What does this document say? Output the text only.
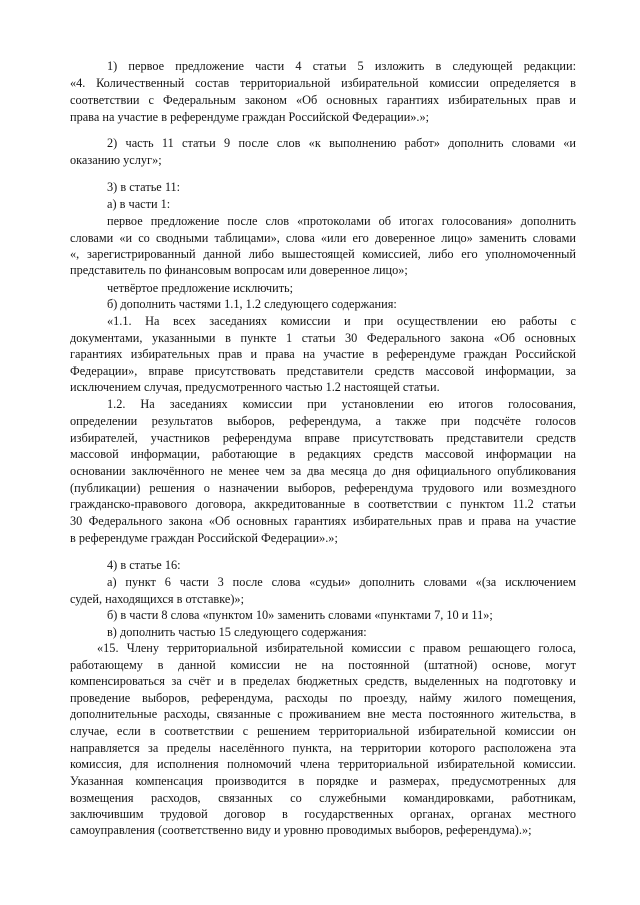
1) первое предложение части 4 статьи 5 изложить в следующей редакции:

«4. Количественный состав территориальной избирательной комиссии определяется в

соответствии с Федеральным законом «Об основных гарантиях избирательных прав и

права на участие в референдуме граждан Российской Федерации».»;

2) часть 11 статьи 9 после слов «к выполнению работ» дополнить словами «и

оказанию услуг»;

3) в статье 11:

а) в части 1:

первое предложение после слов «протоколами об итогах голосования» дополнить

словами «и со сводными таблицами», слова «или его доверенное лицо» заменить словами

«, зарегистрированный данной либо вышестоящей комиссией, либо его уполномоченный

представитель по финансовым вопросам или доверенное лицо»;

четвёртое предложение исключить;

б) дополнить частями 1.1, 1.2 следующего содержания:

«1.1. На всех заседаниях комиссии и при осуществлении ею работы с

документами, указанными в пункте 1 статьи 30 Федерального закона «Об основных

гарантиях избирательных прав и права на участие в референдуме граждан Российской

Федерации», вправе присутствовать представители средств массовой информации, за

исключением случая, предусмотренного частью 1.2 настоящей статьи.

1.2. На заседаниях комиссии при установлении ею итогов голосования,

определении результатов выборов, референдума, а также при подсчёте голосов

избирателей, участников референдума вправе присутствовать представители средств

массовой информации, работающие в редакциях средств массовой информации на

основании заключённого не менее чем за два месяца до дня официального опубликования

(публикации) решения о назначении выборов, референдума трудового или возмездного

гражданско-правового договора, аккредитованные в соответствии с пунктом 11.2 статьи

30 Федерального закона «Об основных гарантиях избирательных прав и права на участие

в референдуме граждан Российской Федерации».»;

4) в статье 16:

а) пункт 6 части 3 после слова «судьи» дополнить словами «(за исключением

судей, находящихся в отставке)»;

б) в части 8 слова «пунктом 10» заменить словами «пунктами 7, 10 и 11»;

в) дополнить частью 15 следующего содержания:

«15. Члену территориальной избирательной комиссии с правом решающего голоса,

работающему в данной комиссии не на постоянной (штатной) основе, могут

компенсироваться за счёт и в пределах бюджетных средств, выделенных на подготовку и

проведение выборов, референдума, расходы по проезду, найму жилого помещения,

дополнительные расходы, связанные с проживанием вне места постоянного жительства, в

случае, если в соответствии с решением территориальной избирательной комиссии он

направляется за пределы населённого пункта, на территории которого расположена эта

комиссия, для исполнения полномочий члена территориальной избирательной комиссии.

Указанная компенсация производится в порядке и размерах, предусмотренных для

возмещения расходов, связанных со служебными командировками, работникам,

заключившим трудовой договор в государственных органах, органах местного

самоуправления (соответственно виду и уровню проводимых выборов, референдума).»;
